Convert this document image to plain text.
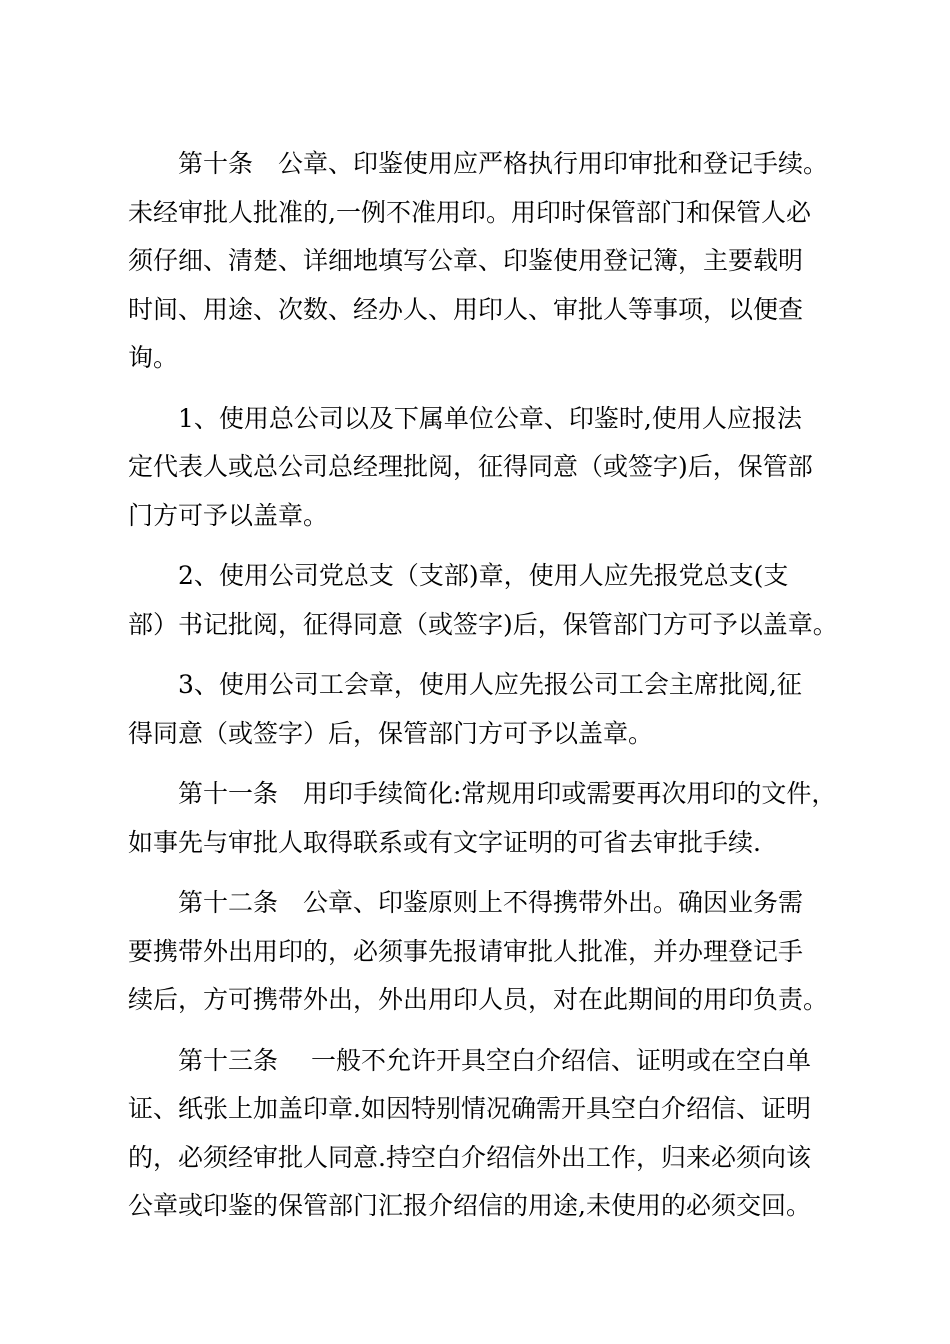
　　第十条　公章、印鉴使用应严格执行用印审批和登记手续。
未经审批人批准的,一例不准用印。用印时保管部门和保管人必
须仔细、清楚、详细地填写公章、印鉴使用登记簿，主要载明
时间、用途、次数、经办人、用印人、审批人等事项，以便查
询。

　　1、使用总公司以及下属单位公章、印鉴时,使用人应报法
定代表人或总公司总经理批阅，征得同意（或签字)后，保管部
门方可予以盖章。

　　2、使用公司党总支（支部)章，使用人应先报党总支(支
部）书记批阅，征得同意（或签字)后，保管部门方可予以盖章。

　　3、使用公司工会章，使用人应先报公司工会主席批阅,征
得同意（或签字）后，保管部门方可予以盖章。

　　第十一条　用印手续简化:常规用印或需要再次用印的文件，
如事先与审批人取得联系或有文字证明的可省去审批手续.

　　第十二条　公章、印鉴原则上不得携带外出。确因业务需
要携带外出用印的，必须事先报请审批人批准，并办理登记手
续后，方可携带外出，外出用印人员，对在此期间的用印负责。

　　第十三条　 一般不允许开具空白介绍信、证明或在空白单
证、纸张上加盖印章.如因特别情况确需开具空白介绍信、证明
的，必须经审批人同意.持空白介绍信外出工作，归来必须向该
公章或印鉴的保管部门汇报介绍信的用途,未使用的必须交回。
